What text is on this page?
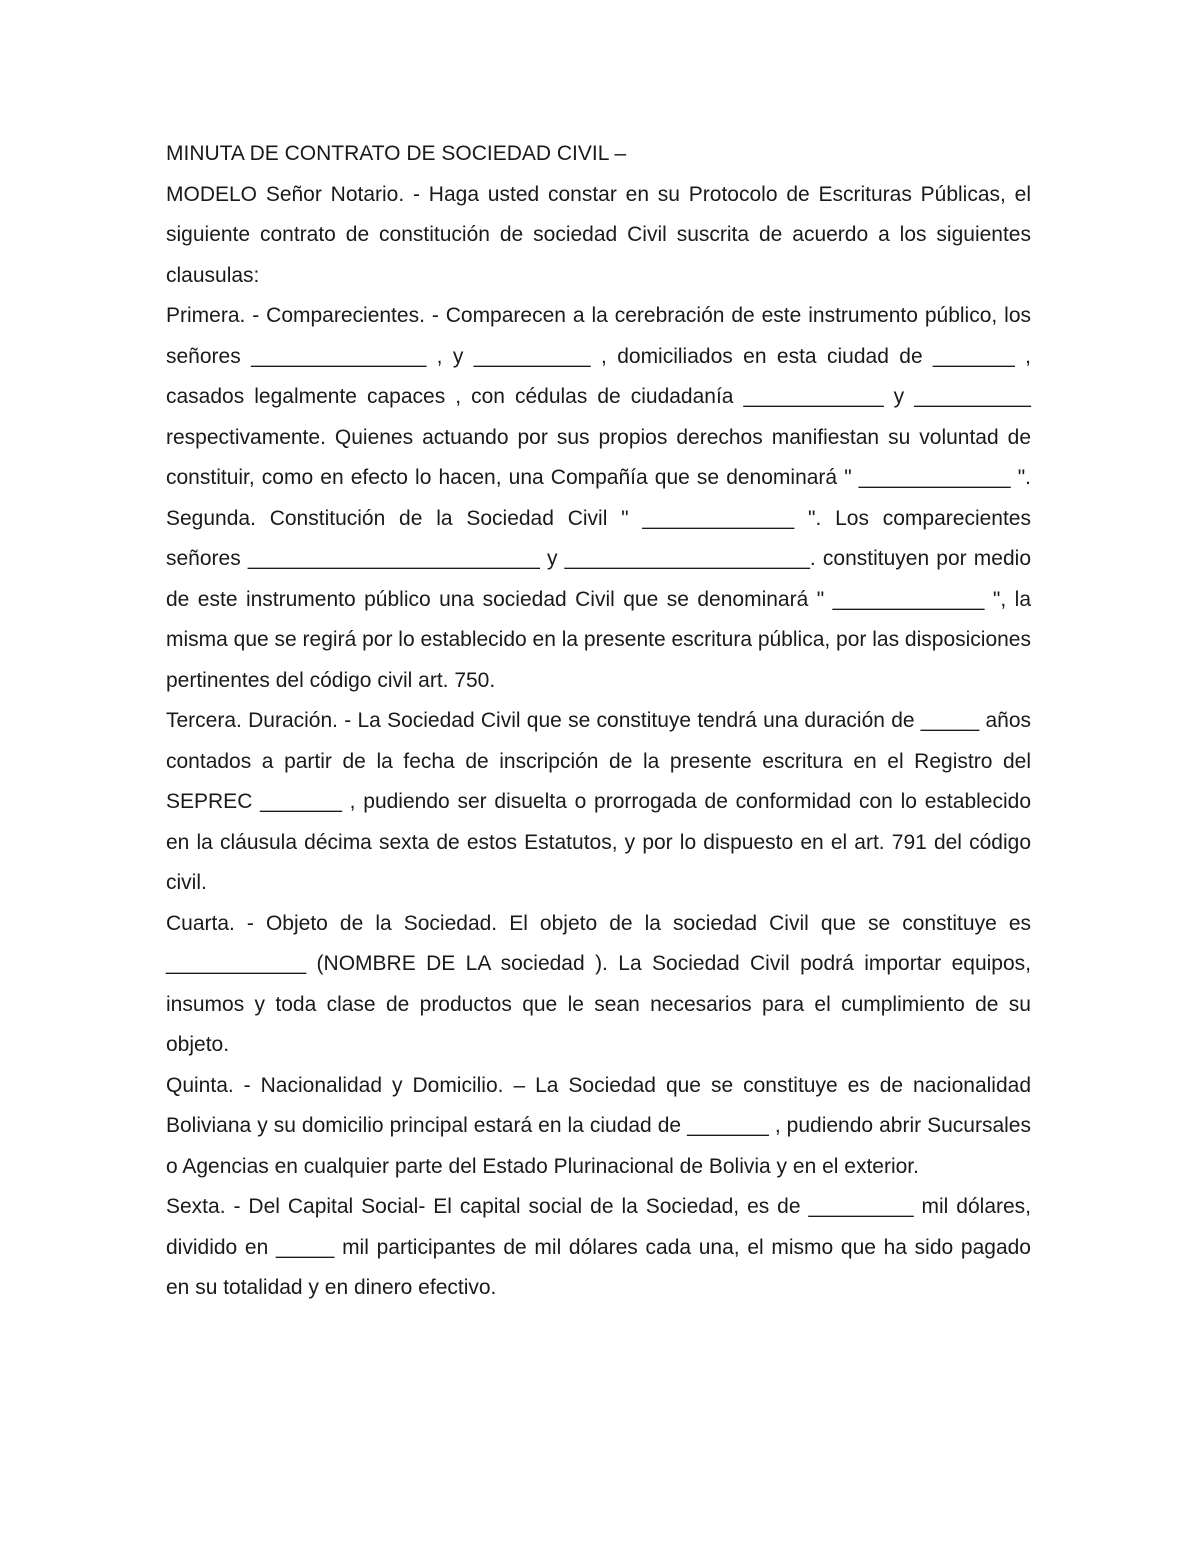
MINUTA DE CONTRATO DE SOCIEDAD CIVIL –

MODELO Señor Notario. - Haga usted constar en su Protocolo de Escrituras Públicas, el siguiente contrato de constitución de sociedad Civil suscrita de acuerdo a los siguientes clausulas:

Primera. - Comparecientes. - Comparecen a la cerebración de este instrumento público, los señores _______________ , y __________ , domiciliados en esta ciudad de _______ , casados legalmente capaces , con cédulas de ciudadanía ____________ y __________ respectivamente. Quienes actuando por sus propios derechos manifiestan su voluntad de constituir, como en efecto lo hacen, una Compañía que se denominará " _____________ ". Segunda. Constitución de la Sociedad Civil " _____________ ". Los comparecientes señores _________________________ y _____________________. constituyen por medio de este instrumento público una sociedad Civil que se denominará " _____________ ", la misma que se regirá por lo establecido en la presente escritura pública, por las disposiciones pertinentes del código civil art. 750.

Tercera. Duración. - La Sociedad Civil que se constituye tendrá una duración de _____ años contados a partir de la fecha de inscripción de la presente escritura en el Registro del SEPREC _______ , pudiendo ser disuelta o prorrogada de conformidad con lo establecido en la cláusula décima sexta de estos Estatutos, y por lo dispuesto en el art. 791 del código civil.

Cuarta. - Objeto de la Sociedad. El objeto de la sociedad Civil que se constituye es ____________ (NOMBRE DE LA sociedad ). La Sociedad Civil podrá importar equipos, insumos y toda clase de productos que le sean necesarios para el cumplimiento de su objeto.

Quinta. - Nacionalidad y Domicilio. – La Sociedad que se constituye es de nacionalidad Boliviana y su domicilio principal estará en la ciudad de _______ , pudiendo abrir Sucursales o Agencias en cualquier parte del Estado Plurinacional de Bolivia y en el exterior.

Sexta. - Del Capital Social- El capital social de la Sociedad, es de _________ mil dólares, dividido en _____ mil participantes de mil dólares cada una, el mismo que ha sido pagado en su totalidad y en dinero efectivo.
